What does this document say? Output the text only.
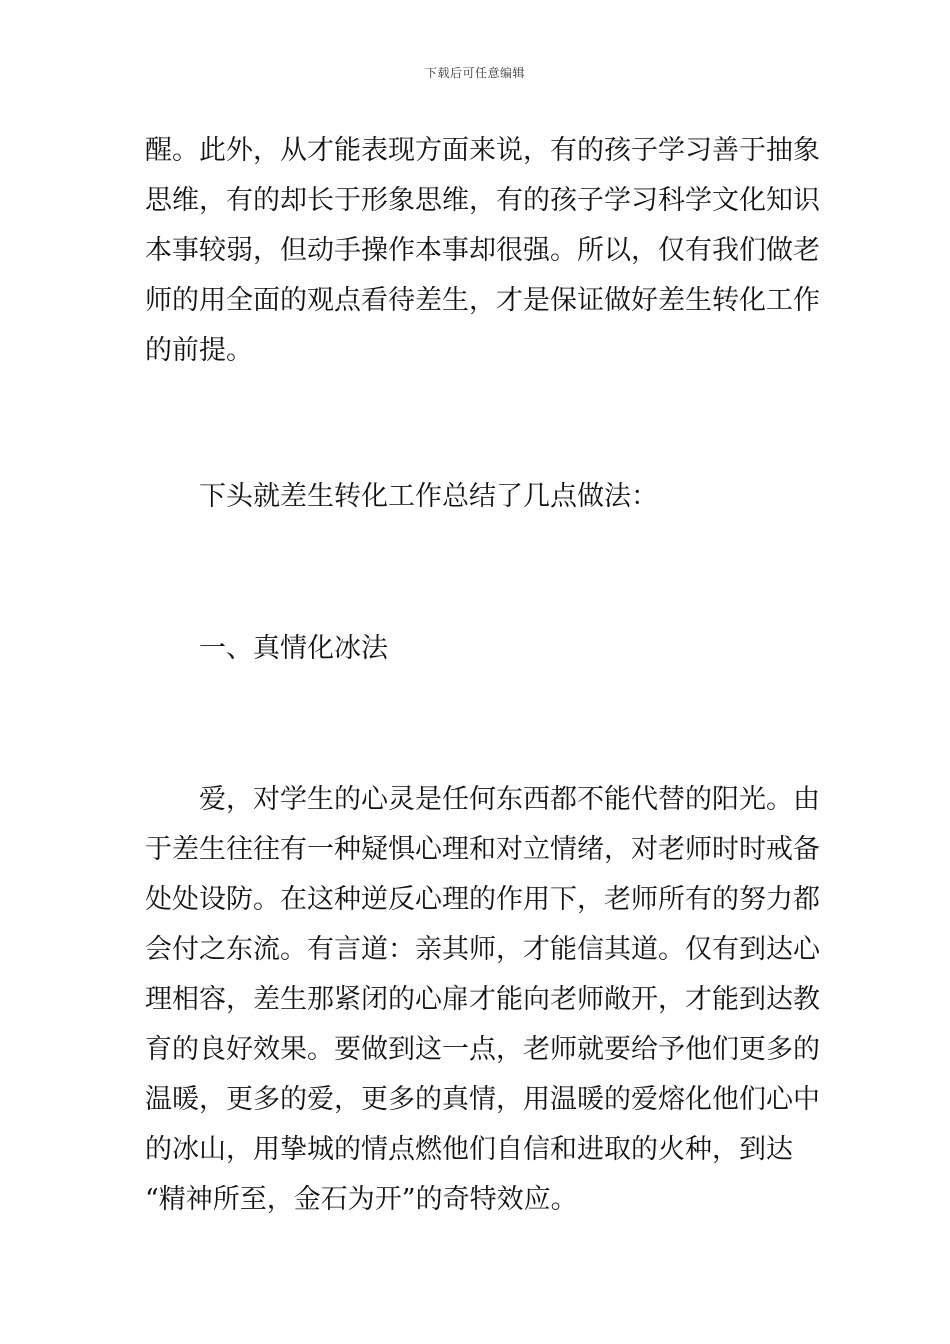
下载后可任意编辑
醒。此外，从才能表现方面来说，有的孩子学习善于抽象
思维，有的却长于形象思维，有的孩子学习科学文化知识
本事较弱，但动手操作本事却很强。所以，仅有我们做老
师的用全面的观点看待差生，才是保证做好差生转化工作
的前提。
下头就差生转化工作总结了几点做法：
一、真情化冰法
爱，对学生的心灵是任何东西都不能代替的阳光。由
于差生往往有一种疑惧心理和对立情绪，对老师时时戒备
处处设防。在这种逆反心理的作用下，老师所有的努力都
会付之东流。有言道：亲其师，才能信其道。仅有到达心
理相容，差生那紧闭的心扉才能向老师敞开，才能到达教
育的良好效果。要做到这一点，老师就要给予他们更多的
温暖，更多的爱，更多的真情，用温暖的爱熔化他们心中
的冰山，用挚城的情点燃他们自信和进取的火种，到达
“精神所至，金石为开”的奇特效应。
